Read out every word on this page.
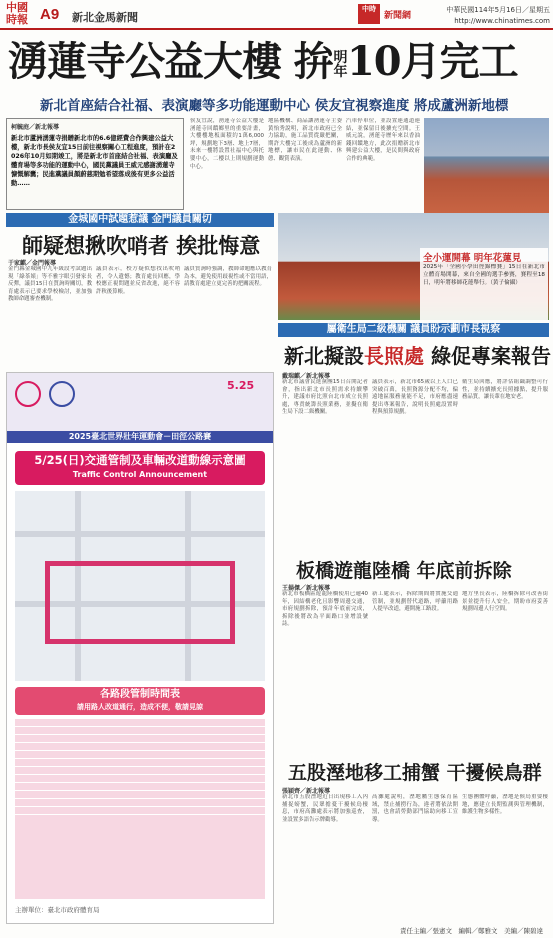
中國時報 A9 新北金馬新聞
中時
新聞網
中華民國114年5月16日／星期五
http://www.chinatimes.com
湧蓮寺公益大樓 拚明
年10月完工
新北首座結合社福、表演廳等多功能運動中心 侯友宜視察進度 將成蘆洲新地標
柯毓庭／新北報導
新北市蘆洲湧蓮寺捐贈新北市的6.6億經費合作興建公益大樓，新北市長侯友宜15日前往視察關心工程進度，預計在2026年10月如期竣工，將是新北市首座結合社福、表演廳及體育場等多功能的運動中心，國民黨議員王威元感謝湧蓮寺慷慨解囊；民進黨議員顏蔚慈期勉希望落成後有更多公益活動……
侯友宜說，湧蓮寺公益大樓是湧蓮寺回饋鄉里的重要計畫，大樓樓地板面積約1萬6,000坪，規劃地下3層、地上7層，未來一樓將設置社福中心與托嬰中心，二樓以上則規劃運動中心。
地區機構、商品讓湧蓮寺主委黃怡秀說明，新北市政府已全力協助，施工品質從嚴把關，期許大樓完工後成為蘆洲的新地標，讓市民在此運動、休憩、觀賞表演。
汽車停車位，並設置連通道連結，並保留日後擴充空間。王威元說，湧蓮寺歷年來以香油錢回饋地方，此次捐贈新北市興建公益大樓，是民間與政府合作的典範。
金城國中試題惹議 金門議員關切
師疑想揪吹哨者 挨批悔意
于家麒／金門報導
金門縣金城國中九年級段考試題出現「綠茶婊」等不雅字眼引發家長反彈，議員15日在質詢時關切，教育處表示已要求學校檢討，並加強教師命題審查機制。
議員表示，校方疑似想找出吹哨者，令人遺憾；教育處長回應，學校應正視問題並反省改進，絕不容許秋後算帳。
議員質詢時強調，教師命題應以教育為本，避免使用歧視性或不當用語，請教育處建立更完善的把關流程。
全小運開幕 明年花蓮見
2025年「全國小學田徑錦標賽」15日在新北市立體育場開幕，來自全國的選手參賽，賽程至18日，明年將移師花蓮舉行。（黃子倫攝）
屬衛生局二級機關 議員盼示劃市長視察
新北擬設長照處 綠促專案報告
戴瑞麒／新北報導
新北市議會民進黨團15日召開記者會，指出新北市長照需求持續攀升，建議市府比照台北市成立長照處，專責統籌長照業務，並擬在衛生局下設二級機關。
議員表示，新北市65歲以上人口已突破百萬，長照資源分配不均，偏遠地區服務量能不足，市府應盡速提出專案報告，說明長照處設置時程與預算規劃。
衛生局回應，將評估組織調整可行性，並持續擴充長照據點，提升服務品質，讓長輩在地安老。
板橋遊龍陸橋 年底前拆除
王揚傑／新北報導
新北市板橋區遊龍陸橋使用已逾40年，因結構老化且影響周邊交通，市府規劃拆除，預計年底前完成，拆除後將改為平面路口並增設號誌。
新工處表示，拆除期間將實施交通管制，並規劃替代道路，呼籲用路人提早改道，避開施工路段。
地方里長表示，陸橋拆除可改善街景並提升行人安全，期盼市府妥善規劃周邊人行空間。
五股溼地移工捕蟹 干擾候鳥群
張穎齊／新北報導
新北市五股溼地近日出現移工入內捕捉螃蟹，民眾擔憂干擾候鳥棲息，市府高灘處表示將加強巡查，並設置多語告示牌勸導。
高灘處說明，溼地屬生態保育區域，禁止捕撈行為，違者將依法開罰，也會請勞動部門協助向移工宣導。
生態團體呼籲，溼地是候鳥重要棲地，應建立長期監測與管理機制，維護生物多樣性。
5.25
2025臺北世界壯年運動會－田徑公路賽
5/25(日)交通管制及車輛改道動線示意圖
Traffic Control Announcement
各路段管制時間表
請用路人改道通行，造成不便，敬請見諒
主辦單位：臺北市政府體育局
責任主編／張憲文　編輯／鄭雅文　美編／陳碧達
